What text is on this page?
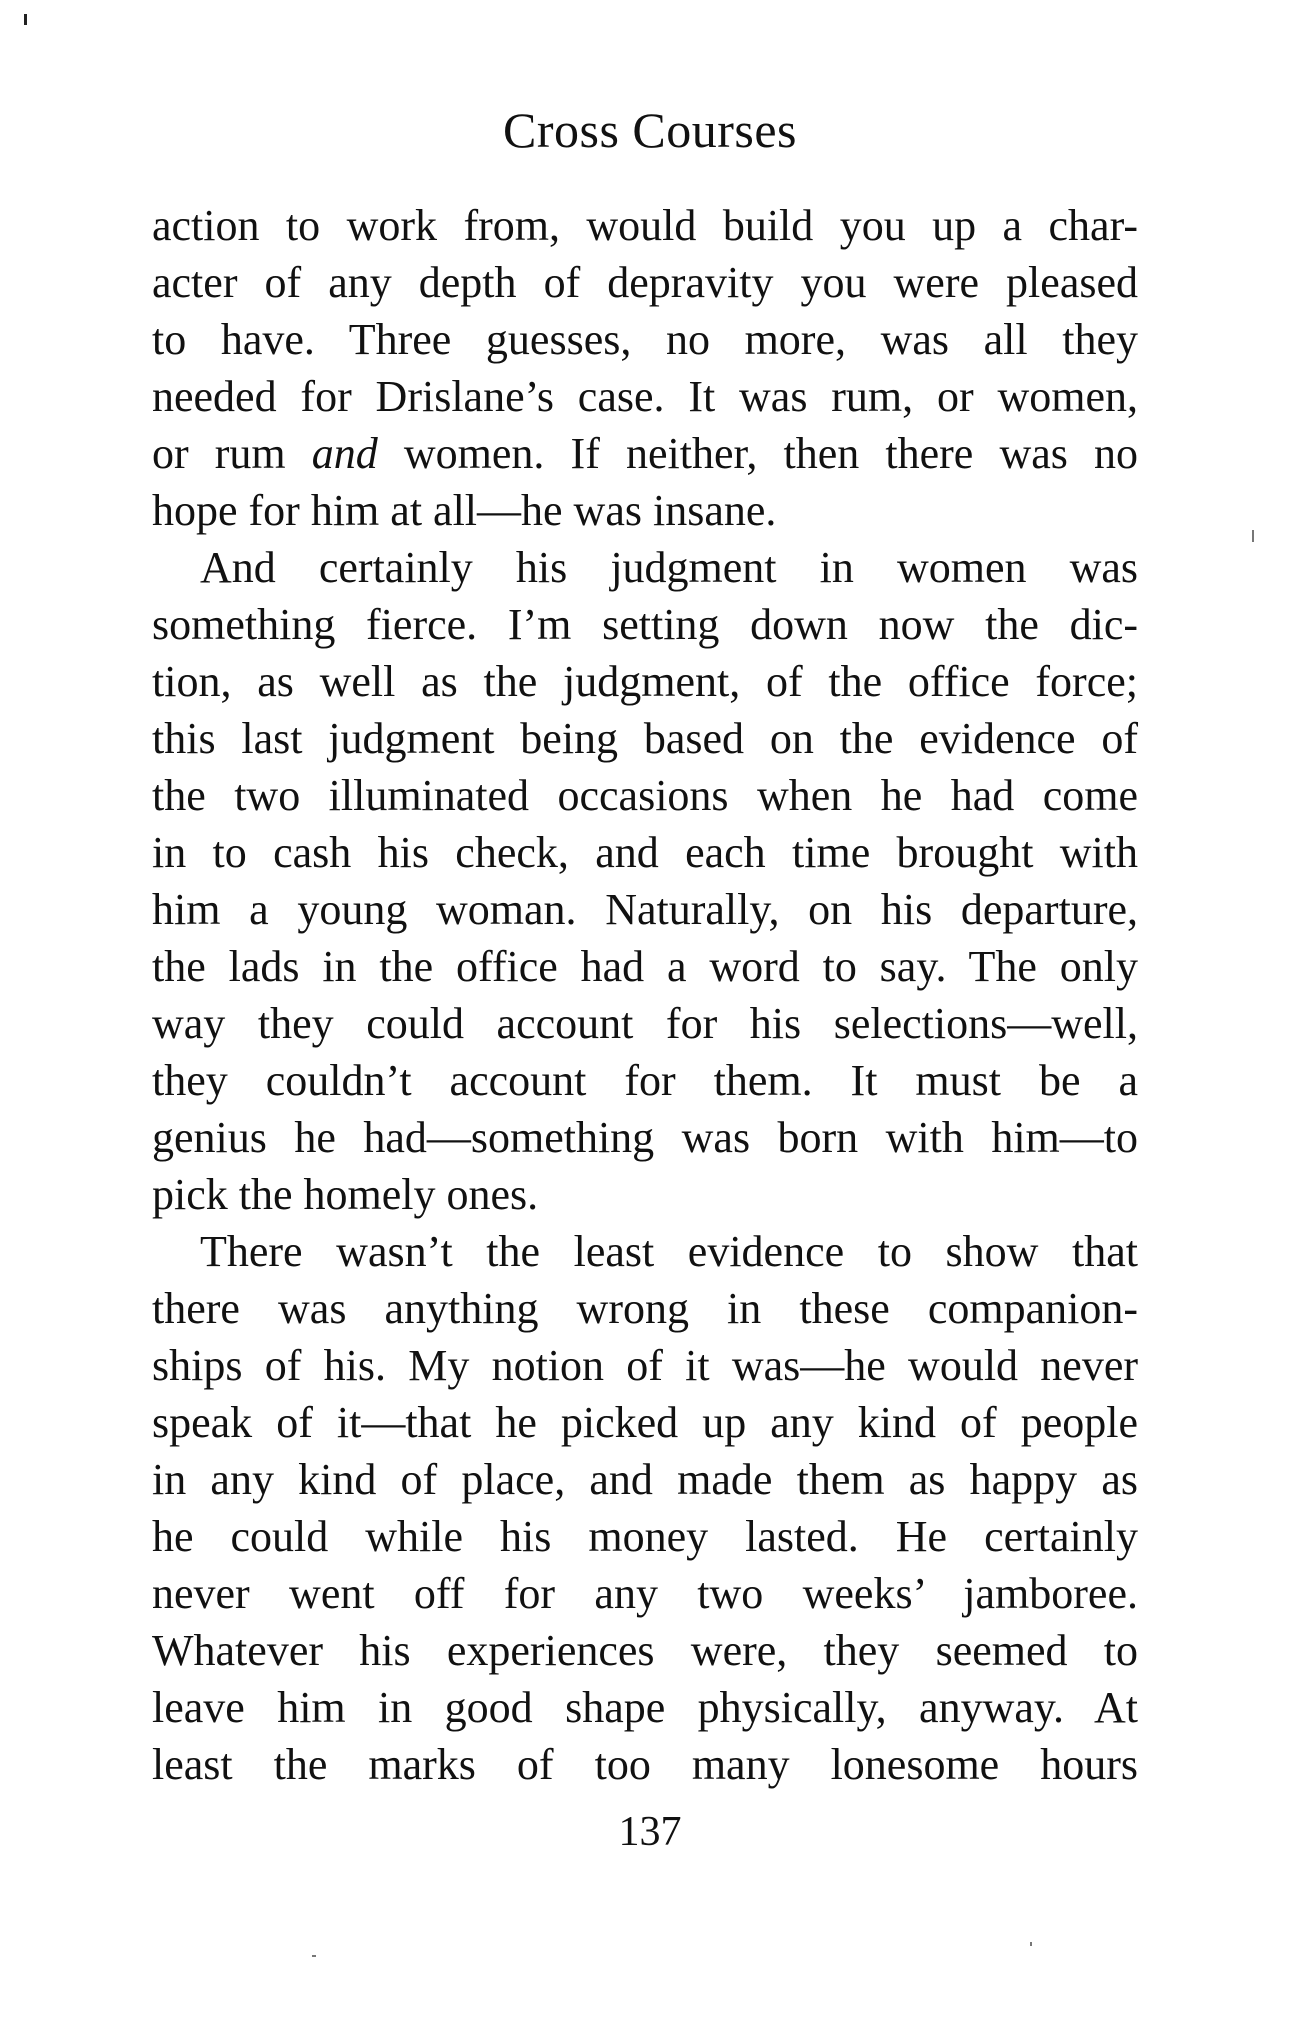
Cross Courses
action to work from, would build you up a char-
acter of any depth of depravity you were pleased
to have. Three guesses, no more, was all they
needed for Drislane’s case. It was rum, or women,
or rum and women. If neither, then there was no
hope for him at all—he was insane.
And certainly his judgment in women was
something fierce. I’m setting down now the dic-
tion, as well as the judgment, of the office force;
this last judgment being based on the evidence of
the two illuminated occasions when he had come
in to cash his check, and each time brought with
him a young woman. Naturally, on his departure,
the lads in the office had a word to say. The only
way they could account for his selections—well,
they couldn’t account for them. It must be a
genius he had—something was born with him—to
pick the homely ones.
There wasn’t the least evidence to show that
there was anything wrong in these companion-
ships of his. My notion of it was—he would never
speak of it—that he picked up any kind of people
in any kind of place, and made them as happy as
he could while his money lasted. He certainly
never went off for any two weeks’ jamboree.
Whatever his experiences were, they seemed to
leave him in good shape physically, anyway. At
least the marks of too many lonesome hours
137
